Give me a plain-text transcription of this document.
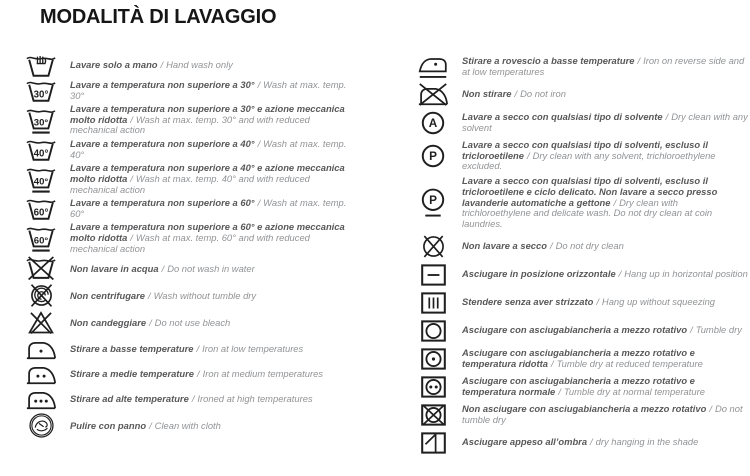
MODALITÀ DI LAVAGGIO
Lavare solo a mano / Hand wash only
30°
Lavare a temperatura non superiore a 30° / Wash at max. temp. 30°
30°
Lavare a temperatura non superiore a 30° e azione meccanica molto ridotta / Wash at max. temp. 30° and with reduced mechanical action
40°
Lavare a temperatura non superiore a 40° / Wash at max. temp. 40°
40°
Lavare a temperatura non superiore a 40° e azione meccanica molto ridotta / Wash at max. temp. 40° and with reduced mechanical action
60°
Lavare a temperatura non superiore a 60° / Wash at max. temp. 60°
60°
Lavare a temperatura non superiore a 60° e azione meccanica molto ridotta / Wash at max. temp. 60° and with reduced mechanical action
Non lavare in acqua / Do not wash in water
Non centrifugare / Wash without tumble dry
Non candeggiare / Do not use bleach
Stirare a basse temperature / Iron at low temperatures
Stirare a medie temperature / Iron at medium temperatures
Stirare ad alte temperature / Ironed at high temperatures
Pulire con panno / Clean with cloth
Stirare a rovescio a basse temperature / Iron on reverse side and at low temperatures
Non stirare / Do not iron
A
Lavare a secco con qualsiasi tipo di solvente / Dry clean with any solvent
P
Lavare a secco con qualsiasi tipo di solventi, escluso il tricloroetilene / Dry clean with any solvent, trichloroethylene excluded.
P
Lavare a secco con qualsiasi tipo di solventi, escluso il tricloroetilene e ciclo delicato. Non lavare a secco presso lavanderie automatiche a gettone / Dry clean with trichloroethylene and delicate wash. Do not dry clean at coin laundries.
Non lavare a secco / Do not dry clean
Asciugare in posizione orizzontale / Hang up in horizontal position
Stendere senza aver strizzato / Hang up without squeezing
Asciugare con asciugabiancheria a mezzo rotativo / Tumble dry
Asciugare con asciugabiancheria a mezzo rotativo e temperatura ridotta / Tumble dry at reduced temperature
Asciugare con asciugabiancheria a mezzo rotativo e temperatura normale / Tumble dry at normal temperature
Non asciugare con asciugabiancheria a mezzo rotativo / Do not tumble dry
Asciugare appeso all’ombra / dry hanging in the shade
